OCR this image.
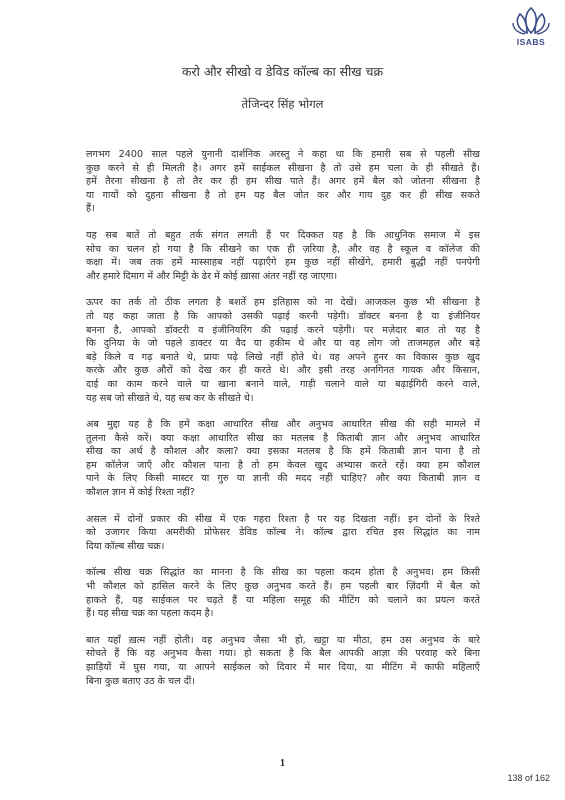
ISABS
करो और सीखो व डेविड कॉल्ब का सीख चक्र
तेजिन्दर सिंह भोगल
लगभग 2400 साल पहले युनानी दार्शनिक अरस्तु ने कहा था कि हमारी सब से पहली सीख
कुछ करने से ही मिलती है। अगर हमें साईकल सीखना है तो उसे हम चला के ही सीखते हैं।
हमें तैरना सीखना है तो तैर कर ही हम सीख पाते हैं। अगर हमें बैल को जोतना सीखना है
या गायों को दुहना सीखना है तो हम यह बैल जोत कर और गाय दुह कर ही सीख सकते
हैं।
यह सब बातें तो बहुत तर्क संगत लगती हैं पर दिक्कत यह है कि आधुनिक समाज में इस
सोच का चलन हो गया है कि सीखने का एक ही ज़रिया है, और वह है स्कूल व कॉलेज की
कक्षा में। जब तक हमें मास्साहब नहीं पढ़ाएँगे हम कुछ नहीं सीखेंगे, हमारी बुद्धी नहीं पनपेगी
और हमारे दिमाग में और मिट्टी के ढेर में कोई ख़ासा अंतर नहीं रह जाएगा।
ऊपर का तर्क तो ठीक लगता है बशर्ते हम इतिहास को ना देखें। आजकल कुछ भी सीखना है
तो यह कहा जाता है कि आपको उसकी पढ़ाई करनी पड़ेगी। डॉक्टर बनना है या इंजीनियर
बनना है, आपको डॉक्टरी व इंजीनियरिंग की पढ़ाई करने पड़ेगी। पर मज़ेदार बात तो यह है
कि दुनिया के जो पहले डाक्टर या वैद या हकीम थे और या वह लोग जो ताजमहल और बड़े
बड़े किले व गढ़ बनाते थे, प्रायः पढ़े लिखे नहीं होते थे। वह अपने हुनर का विकास कुछ खुद
करके और कुछ औरों को देख कर ही करते थे। और इसी तरह अनगिनत गायक और किसान,
दाई का काम करने वाले या खाना बनाने वाले, गाड़ी चलाने वाले या बढ़ाईगिरी करने वाले,
यह सब जो सीखते थे, यह सब कर के सीखते थे।
अब मुद्दा यह है कि हमें कक्षा आधारित सीख और अनुभव आधारित सीख की सही मामले में
तुलना कैसे करें। क्या कक्षा आधारित सीख का मतलब है किताबी ज्ञान और अनुभव आधारित
सीख का अर्थ है कौशल और कला? क्या इसका मतलब है कि हमें किताबी ज्ञान पाना है तो
हम कॉलेज जाएँ और कौशल पाना है तो हम केवल खुद अभ्यास करते रहें। क्या हम कौशल
पाने के लिए किसी मास्टर या गुरु या ज्ञानी की मदद नहीं चाहिए? और क्या किताबी ज्ञान व
कौशल ज्ञान में कोई रिश्ता नहीं?
असल में दोनों प्रकार की सीख में एक गहरा रिश्ता है पर यह दिखता नहीं। इन दोनों के रिश्ते
को उजागर किया अमरीकी प्रोफेसर डेविड कॉल्ब ने। कॉल्ब द्वारा रचित इस सिद्धांत का नाम
दिया कॉल्ब सीख चक्र।
कॉल्ब सीख चक्र सिद्धांत का मानना है कि सीख का पहला कदम होता है अनुभव। हम किसी
भी कौशल को हासिल करने के लिए कुछ अनुभव करते हैं। हम पहली बार ज़िंदगी में बैल को
हाकते हैं, यह साईकल पर चढ़ते हैं या महिला समूह की मीटिंग को चलाने का प्रयत्न करते
हैं। यह सीख चक्र का पहला कदम है।
बात यहाँ ख़त्म नहीं होती। वह अनुभव जैसा भी हो, खट्टा या मीठा, हम उस अनुभव के बारे
सोचते हैं कि वह अनुभव कैसा गया। हो सकता है कि बैल आपकी आज्ञा की परवाह करे बिना
झाड़ियों में घुस गया, या आपने साईकल को दिवार में मार दिया, या मीटिंग में काफी महिलाएँ
बिना कुछ बताए उठ के चल दीं।
1
138 of 162
